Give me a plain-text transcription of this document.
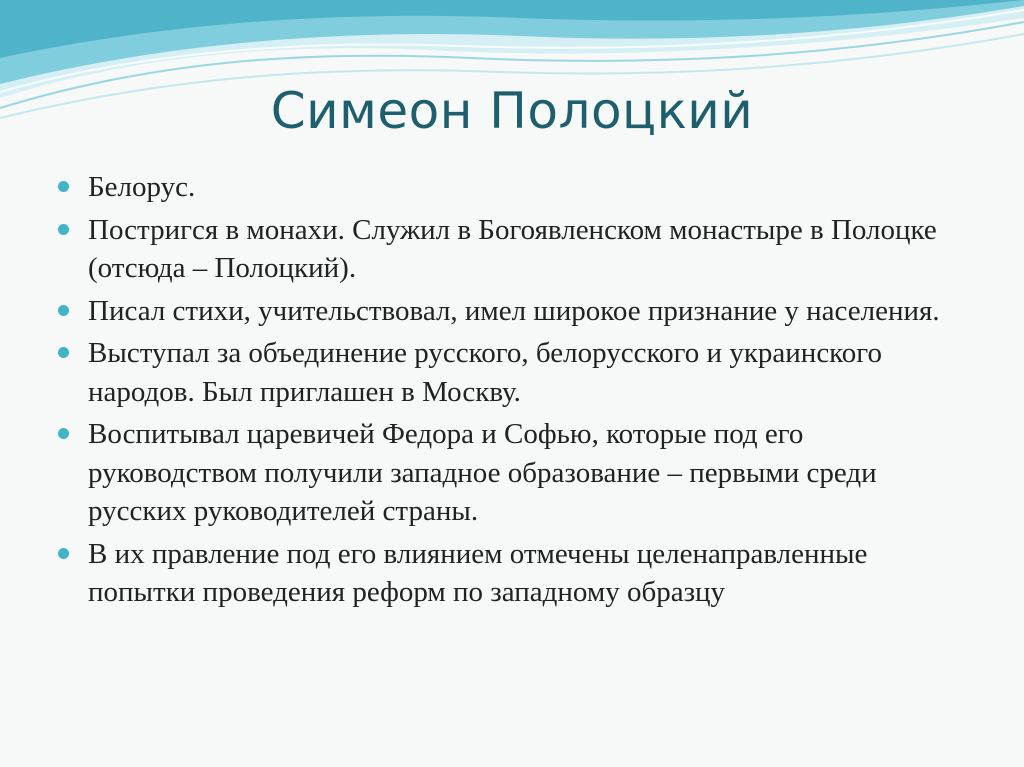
Симеон Полоцкий
Белорус.
Постригся в монахи. Служил в Богоявленском монастыре в Полоцке (отсюда – Полоцкий).
Писал стихи, учительствовал, имел широкое признание у населения.
Выступал за объединение русского, белорусского и украинского народов. Был приглашен в Москву.
Воспитывал царевичей Федора и Софью, которые под его руководством получили западное образование – первыми среди русских руководителей страны.
В их правление под его влиянием отмечены целенаправленные попытки проведения реформ по западному образцу
